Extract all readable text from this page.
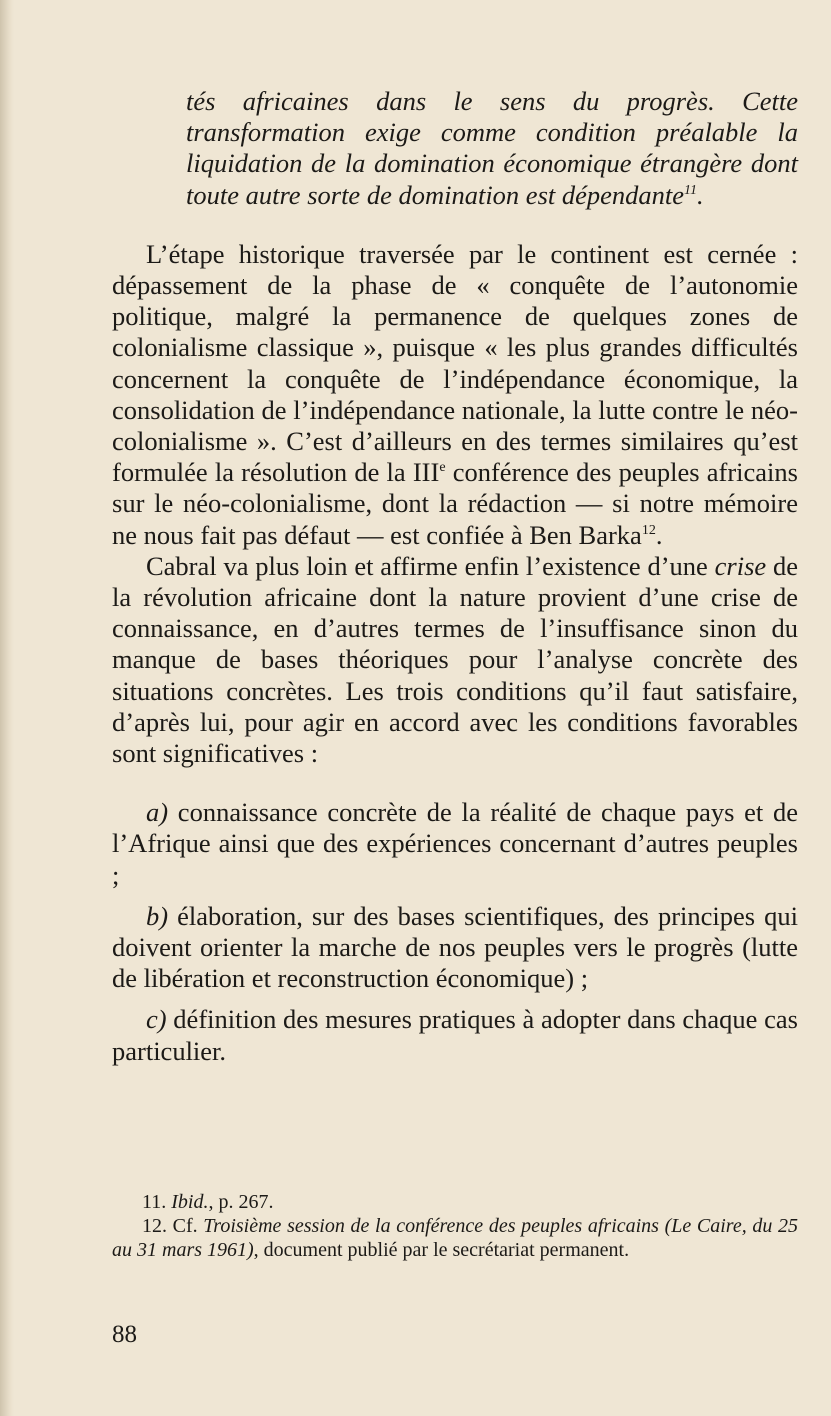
tés africaines dans le sens du progrès. Cette transformation exige comme condition préalable la liquidation de la domination économique étrangère dont toute autre sorte de domination est dépendante$^{11}$.

L’étape historique traversée par le continent est cernée : dépassement de la phase de « conquête de l’autonomie politique, malgré la permanence de quelques zones de colonialisme classique », puisque « les plus grandes difficultés concernent la conquête de l’indépendance économique, la consolidation de l’indépendance nationale, la lutte contre le néo-colonialisme ». C’est d’ailleurs en des termes similaires qu’est formulée la résolution de la IIIe conférence des peuples africains sur le néo-colonialisme, dont la rédaction — si notre mémoire ne nous fait pas défaut — est confiée à Ben Barka$^{12}$.

Cabral va plus loin et affirme enfin l’existence d’une crise de la révolution africaine dont la nature provient d’une crise de connaissance, en d’autres termes de l’insuffisance sinon du manque de bases théoriques pour l’analyse concrète des situations concrètes. Les trois conditions qu’il faut satisfaire, d’après lui, pour agir en accord avec les conditions favorables sont significatives :

a) connaissance concrète de la réalité de chaque pays et de l’Afrique ainsi que des expériences concernant d’autres peuples ;

b) élaboration, sur des bases scientifiques, des principes qui doivent orienter la marche de nos peuples vers le progrès (lutte de libération et reconstruction économique) ;

c) définition des mesures pratiques à adopter dans chaque cas particulier.

11. Ibid., p. 267.

12. Cf. Troisième session de la conférence des peuples africains (Le Caire, du 25 au 31 mars 1961), document publié par le secrétariat permanent.

88
